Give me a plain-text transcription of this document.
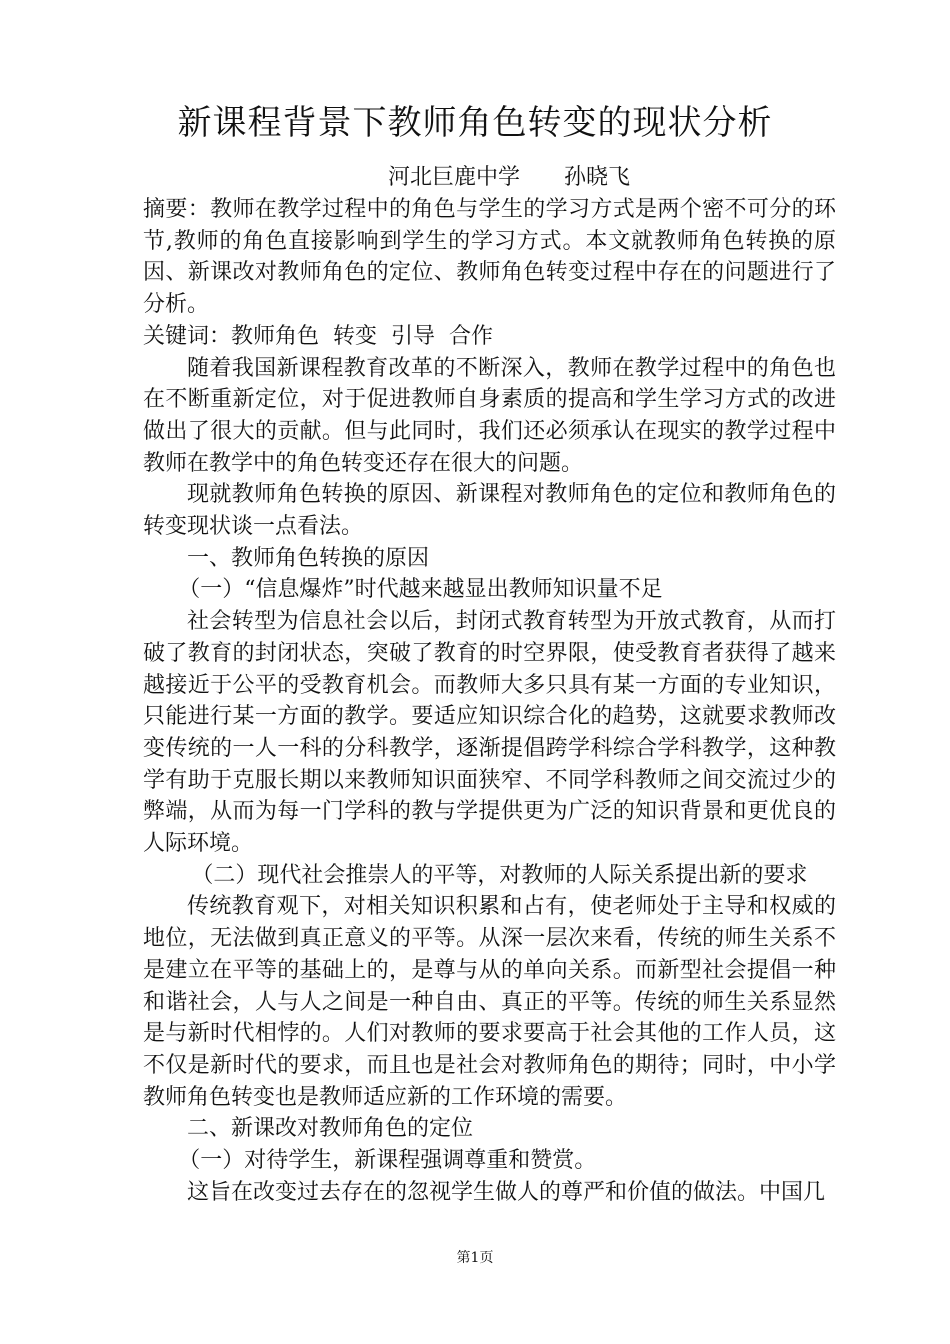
新课程背景下教师角色转变的现状分析
河北巨鹿中学 孙晓飞

摘要：教师在教学过程中的角色与学生的学习方式是两个密不可分的环节,教师的角色直接影响到学生的学习方式。本文就教师角色转换的原因、新课改对教师角色的定位、教师角色转变过程中存在的问题进行了分析。

关键词：教师角色  转变  引导  合作

随着我国新课程教育改革的不断深入，教师在教学过程中的角色也在不断重新定位，对于促进教师自身素质的提高和学生学习方式的改进做出了很大的贡献。但与此同时，我们还必须承认在现实的教学过程中教师在教学中的角色转变还存在很大的问题。

现就教师角色转换的原因、新课程对教师角色的定位和教师角色的转变现状谈一点看法。

一、教师角色转换的原因

（一）“信息爆炸”时代越来越显出教师知识量不足

社会转型为信息社会以后，封闭式教育转型为开放式教育，从而打破了教育的封闭状态，突破了教育的时空界限，使受教育者获得了越来越接近于公平的受教育机会。而教师大多只具有某一方面的专业知识，只能进行某一方面的教学。要适应知识综合化的趋势，这就要求教师改变传统的一人一科的分科教学，逐渐提倡跨学科综合学科教学，这种教学有助于克服长期以来教师知识面狭窄、不同学科教师之间交流过少的弊端，从而为每一门学科的教与学提供更为广泛的知识背景和更优良的人际环境。

（二）现代社会推崇人的平等，对教师的人际关系提出新的要求

传统教育观下，对相关知识积累和占有，使老师处于主导和权威的地位，无法做到真正意义的平等。从深一层次来看，传统的师生关系不是建立在平等的基础上的，是尊与从的单向关系。而新型社会提倡一种和谐社会，人与人之间是一种自由、真正的平等。传统的师生关系显然是与新时代相悖的。人们对教师的要求要高于社会其他的工作人员，这不仅是新时代的要求，而且也是社会对教师角色的期待；同时，中小学教师角色转变也是教师适应新的工作环境的需要。

二、新课改对教师角色的定位

（一）对待学生，新课程强调尊重和赞赏。

这旨在改变过去存在的忽视学生做人的尊严和价值的做法。中国几

第1页
